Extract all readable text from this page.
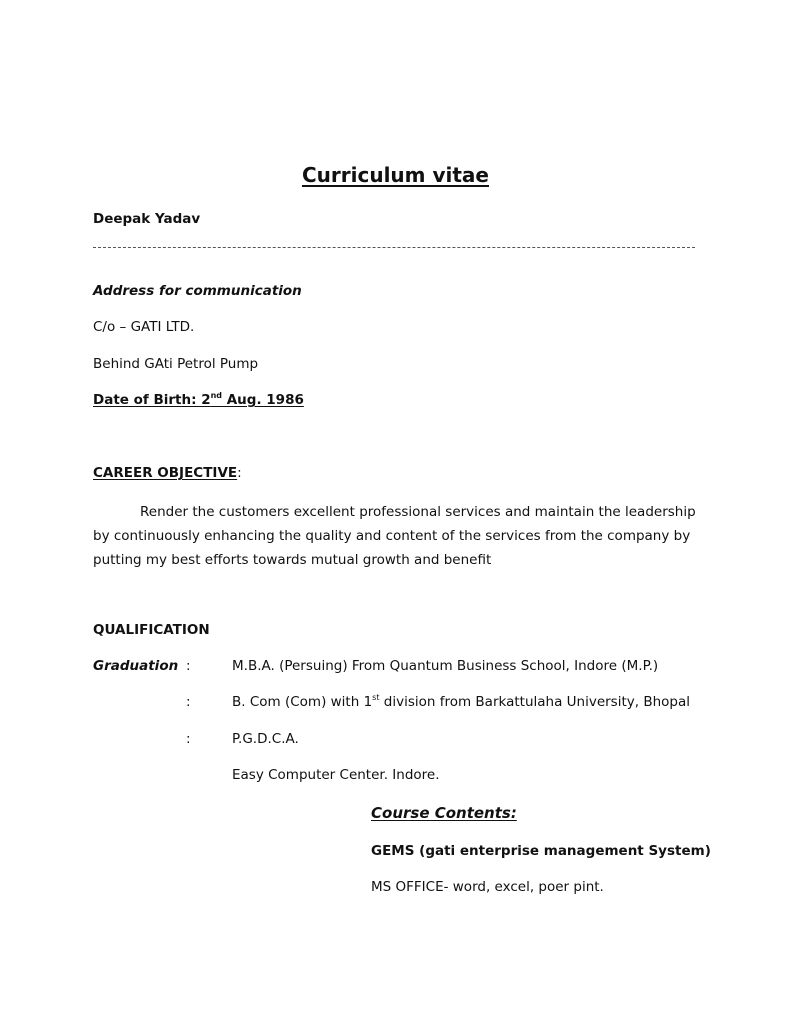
Curriculum vitae
Deepak Yadav
Address for communication
C/o – GATI LTD.
Behind GAti Petrol Pump
Date of Birth: 2nd Aug. 1986
CAREER OBJECTIVE:
Render the customers excellent professional services and maintain the leadership
by continuously enhancing the quality and content of the services from the company by
putting my best efforts towards mutual growth and benefit
QUALIFICATION
Graduation :	M.B.A. (Persuing) From Quantum Business School, Indore (M.P.)
:	B. Com (Com) with 1st division from Barkattulaha University, Bhopal
:	P.G.D.C.A.
Easy Computer Center. Indore.
Course Contents:
GEMS (gati enterprise management System)
MS OFFICE- word, excel, poer pint.
